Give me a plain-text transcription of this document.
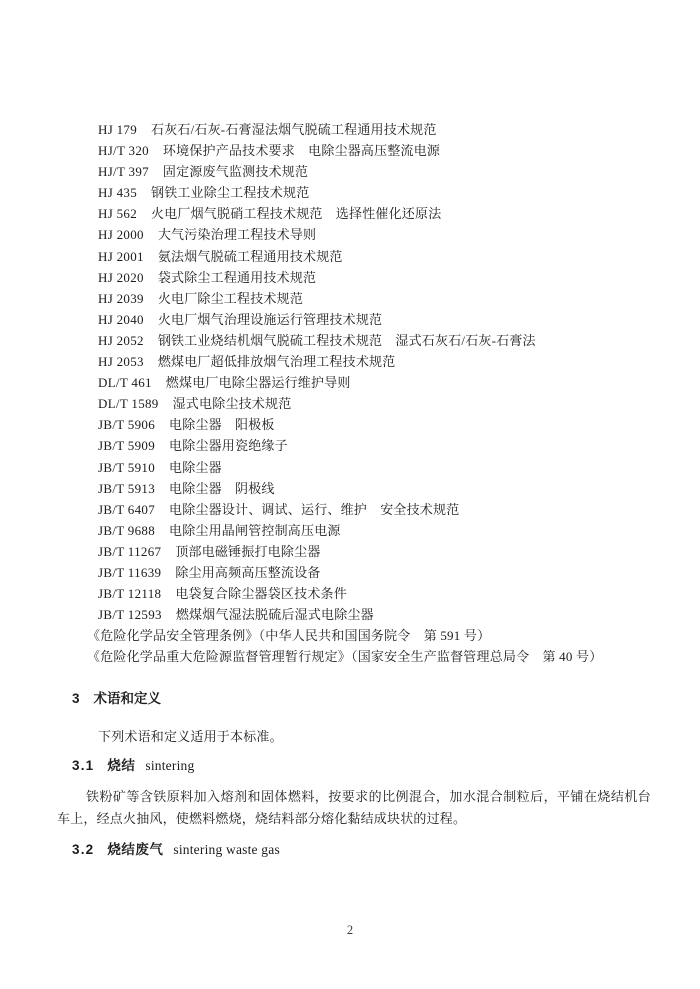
HJ 179 石灰石/石灰-石膏湿法烟气脱硫工程通用技术规范
HJ/T 320 环境保护产品技术要求　电除尘器高压整流电源
HJ/T 397 固定源废气监测技术规范
HJ 435 钢铁工业除尘工程技术规范
HJ 562 火电厂烟气脱硝工程技术规范　选择性催化还原法
HJ 2000 大气污染治理工程技术导则
HJ 2001 氨法烟气脱硫工程通用技术规范
HJ 2020 袋式除尘工程通用技术规范
HJ 2039 火电厂除尘工程技术规范
HJ 2040 火电厂烟气治理设施运行管理技术规范
HJ 2052 钢铁工业烧结机烟气脱硫工程技术规范　湿式石灰石/石灰-石膏法
HJ 2053 燃煤电厂超低排放烟气治理工程技术规范
DL/T 461 燃煤电厂电除尘器运行维护导则
DL/T 1589 湿式电除尘技术规范
JB/T 5906 电除尘器　阳极板
JB/T 5909 电除尘器用瓷绝缘子
JB/T 5910 电除尘器
JB/T 5913 电除尘器　阴极线
JB/T 6407 电除尘器设计、调试、运行、维护　安全技术规范
JB/T 9688 电除尘用晶闸管控制高压电源
JB/T 11267 顶部电磁锤振打电除尘器
JB/T 11639 除尘用高频高压整流设备
JB/T 12118 电袋复合除尘器袋区技术条件
JB/T 12593 燃煤烟气湿法脱硫后湿式电除尘器
《危险化学品安全管理条例》（中华人民共和国国务院令　第 591 号）
《危险化学品重大危险源监督管理暂行规定》（国家安全生产监督管理总局令　第 40 号）
3 术语和定义
下列术语和定义适用于本标准。
3.1 烧结 sintering
铁粉矿等含铁原料加入熔剂和固体燃料，按要求的比例混合，加水混合制粒后，平铺在烧结机台车上，经点火抽风，使燃料燃烧，烧结料部分熔化黏结成块状的过程。
3.2 烧结废气 sintering waste gas
2
